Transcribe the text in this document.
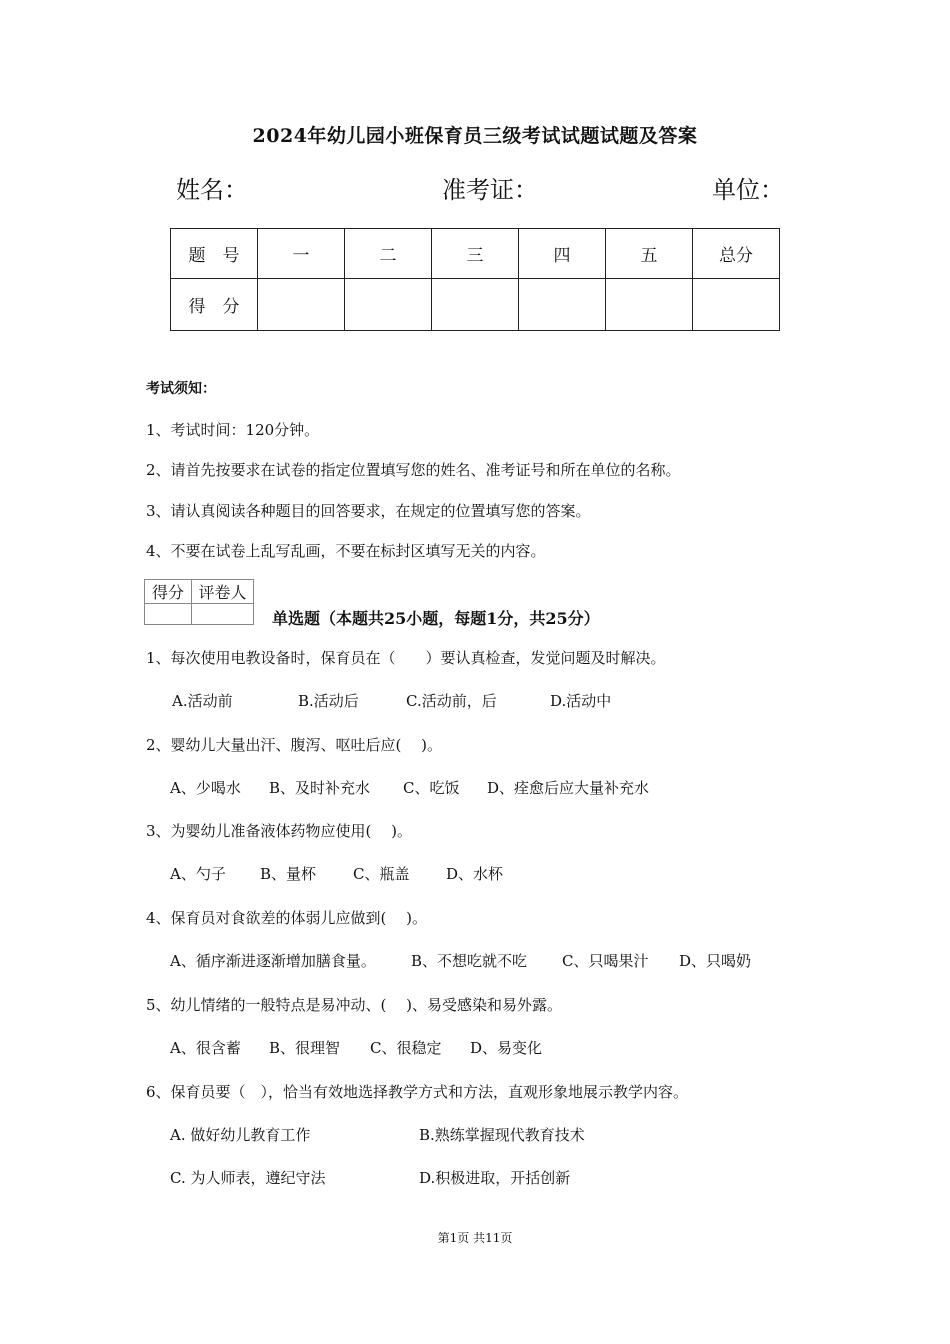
2024年幼儿园小班保育员三级考试试题试题及答案
姓名：	准考证：	单位：
题　号	一	二	三	四	五	总分
得　分						
考试须知：
1、考试时间：120分钟。
2、请首先按要求在试卷的指定位置填写您的姓名、准考证号和所在单位的名称。
3、请认真阅读各种题目的回答要求，在规定的位置填写您的答案。
4、不要在试卷上乱写乱画，不要在标封区填写无关的内容。
得分	评卷人

单选题（本题共25小题，每题1分，共25分）
1、每次使用电教设备时，保育员在（　　）要认真检查，发觉问题及时解决。
A.活动前	B.活动后	C.活动前，后	D.活动中
2、婴幼儿大量出汗、腹泻、呕吐后应(　 )。
A、少喝水 B、及时补充水 C、吃饭 D、痊愈后应大量补充水
3、为婴幼儿准备液体药物应使用(　 )。
A、勺子 B、量杯 C、瓶盖 D、水杯
4、保育员对食欲差的体弱儿应做到(　 )。
A、循序渐进逐渐增加膳食量。 B、不想吃就不吃 C、只喝果汁 D、只喝奶
5、幼儿情绪的一般特点是易冲动、(　 )、易受感染和易外露。
A、很含蓄 B、很理智 C、很稳定 D、易变化
6、保育员要（　），恰当有效地选择教学方式和方法，直观形象地展示教学内容。
A. 做好幼儿教育工作	B.熟练掌握现代教育技术
C. 为人师表，遵纪守法	D.积极进取，开括创新
第1页 共11页
